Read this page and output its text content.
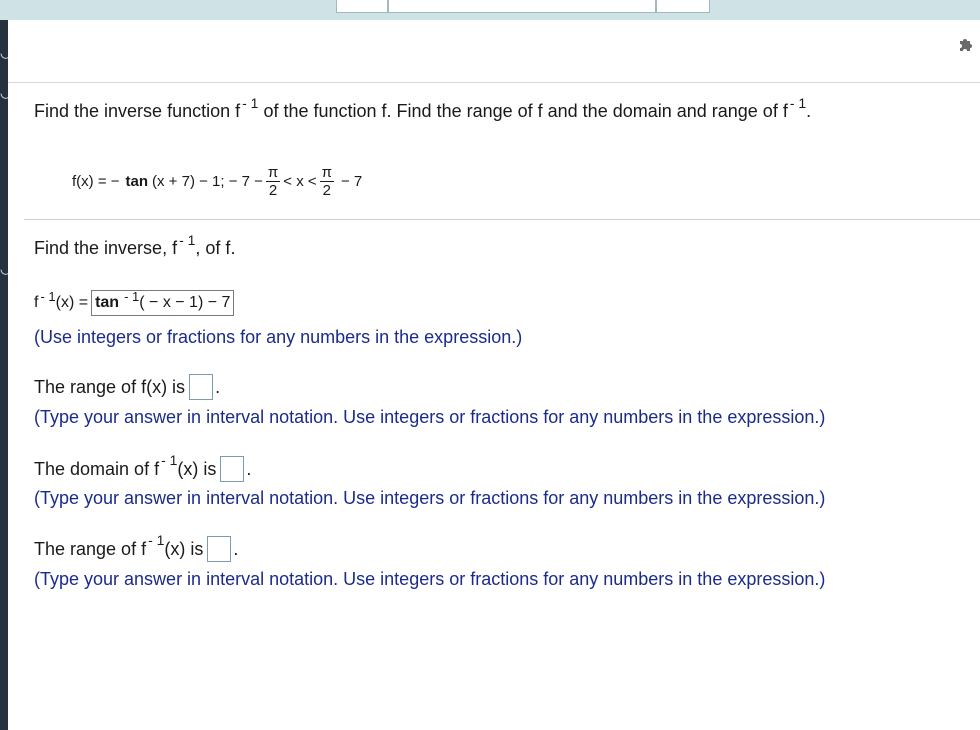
◡
◡
◡
Find the inverse function f $^{- 1}$ of the function f. Find the range of f and the domain and range of f $^{- 1}$.
f(x) = − tan (x + 7) − 1; − $7 - \frac{\pi}{2} < x < \frac{\pi}{2} - 7$
Find the inverse, f $^{- 1}$, of f.
f - 1 (x) = tan - 1 ( − x − 1) − 7
(Use integers or fractions for any numbers in the expression.)
The range of f(x) is .
(Type your answer in interval notation. Use integers or fractions for any numbers in the expression.)
The domain of f - 1 (x) is .
(Type your answer in interval notation. Use integers or fractions for any numbers in the expression.)
The range of f - 1 (x) is .
(Type your answer in interval notation. Use integers or fractions for any numbers in the expression.)
